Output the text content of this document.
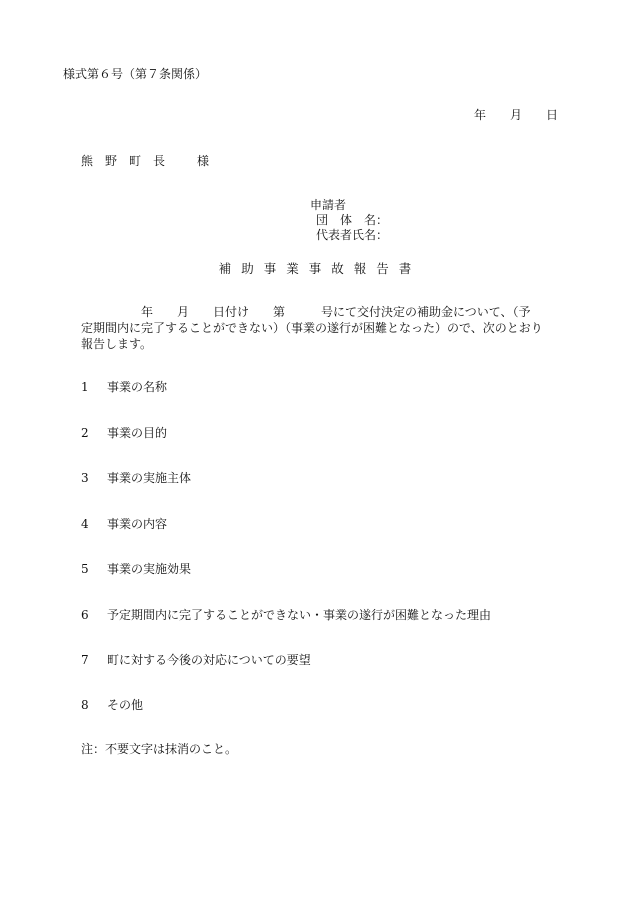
様式第６号（第７条関係）
年 月 日
熊 野 町 長	様
申請者
団　体　名：
代表者氏名：
補 助 事 業 事 故 報 告 書
　　　　　年　　月　　日付け　　第　　　号にて交付決定の補助金について、（予
定期間内に完了することができない）（事業の遂行が困難となった）ので、次のとおり
報告します。
1 事業の名称
2 事業の目的
3 事業の実施主体
4 事業の内容
5 事業の実施効果
6 予定期間内に完了することができない・事業の遂行が困難となった理由
7 町に対する今後の対応についての要望
8 その他
注：不要文字は抹消のこと。
